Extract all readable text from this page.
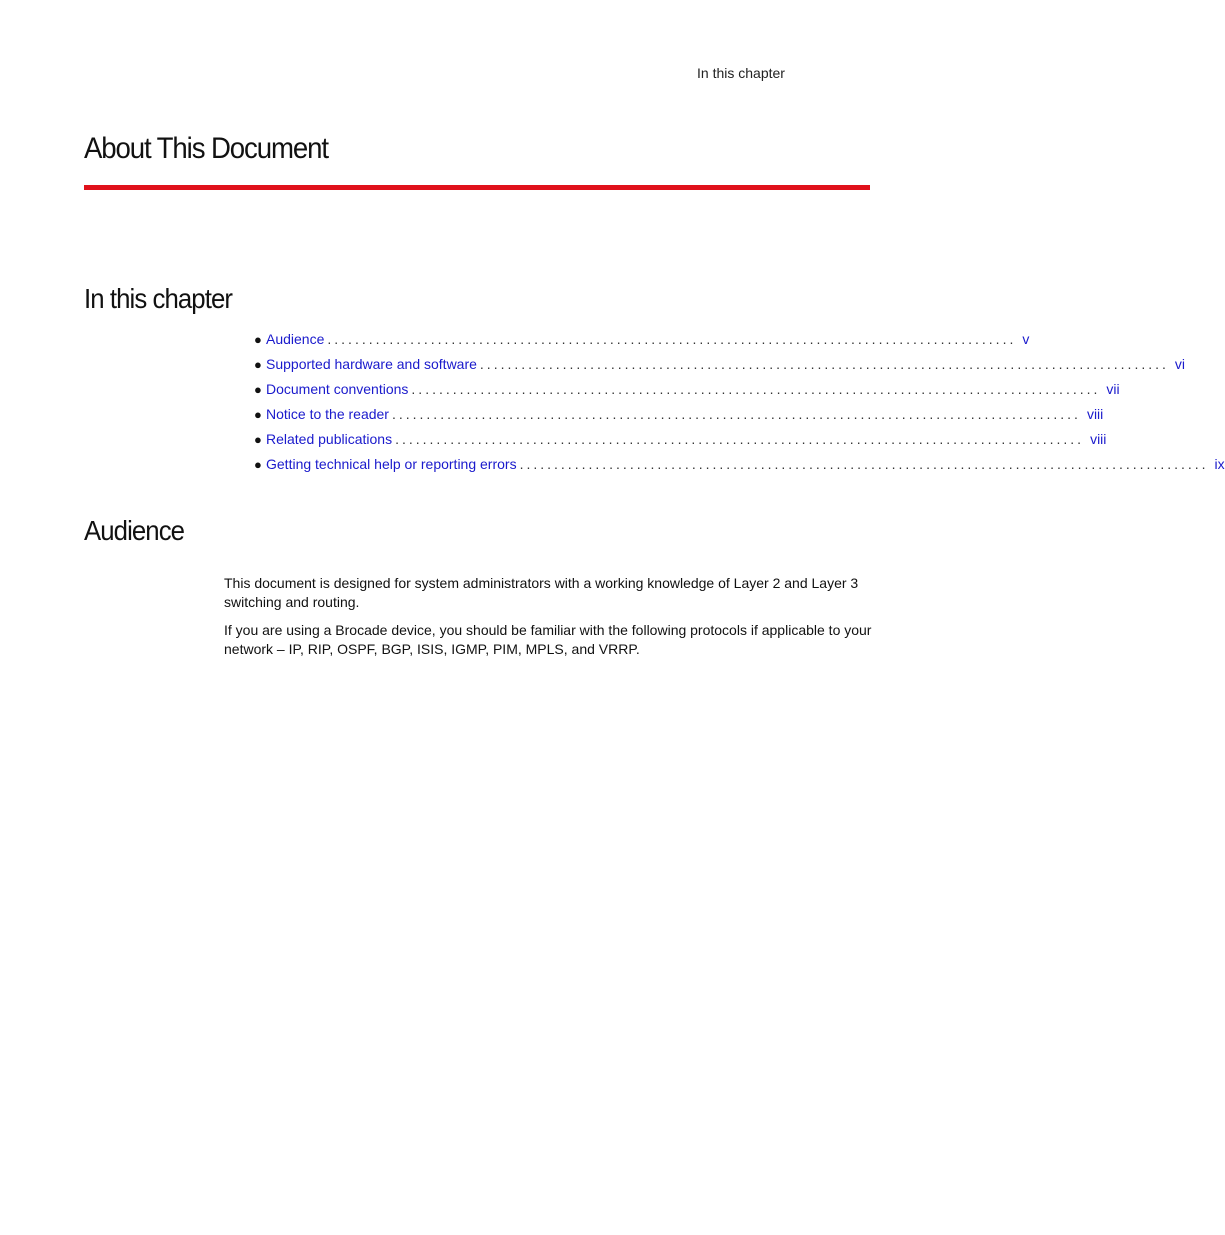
In this chapter
About This Document
In this chapter
● Audience .................................................................................................... v
● Supported hardware and software .................................................................................................... vi
● Document conventions .................................................................................................... vii
● Notice to the reader .................................................................................................... viii
● Related publications .................................................................................................... viii
● Getting technical help or reporting errors .................................................................................................... ix
Audience

This document is designed for system administrators with a working knowledge of Layer 2 and Layer 3 switching and routing.

If you are using a Brocade device, you should be familiar with the following protocols if applicable to your network – IP, RIP, OSPF, BGP, ISIS, IGMP, PIM, MPLS, and VRRP.
